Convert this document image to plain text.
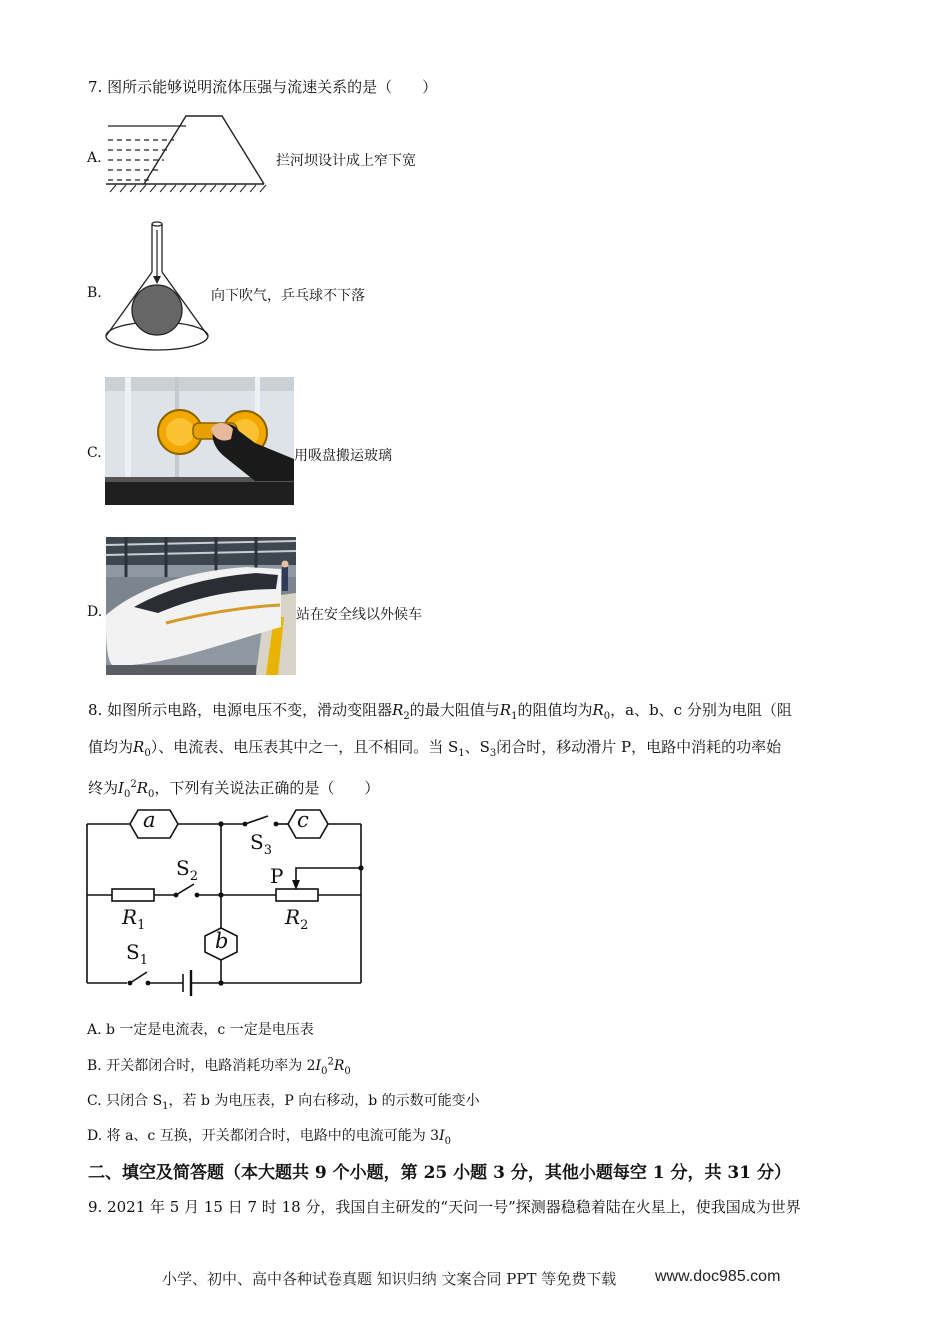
7. 图所示能够说明流体压强与流速关系的是（　　）
A.	拦河坝设计成上窄下宽
B.	向下吹气，乒乓球不下落
C.	用吸盘搬运玻璃
D.	站在安全线以外候车
8. 如图所示电路，电源电压不变，滑动变阻器$R_2$的最大阻值与$R_1$的阻值均为$R_0$，a、b、c 分别为电阻（阻
值均为$R_0$）、电流表、电压表其中之一，且不相同。当 $S_1$、$S_3$闭合时，移动滑片 P，电路中消耗的功率始
终为$I_0^2R_0$，下列有关说法正确的是（　　）
a	c
b
$S_3$
$S_2$
$S_1$
P
$R_1$	$R_2$
A. b 一定是电流表，c 一定是电压表
B. 开关都闭合时，电路消耗功率为 $2I_0^2R_0$
C. 只闭合 $S_1$，若 b 为电压表，P 向右移动，b 的示数可能变小
D. 将 a、c 互换，开关都闭合时，电路中的电流可能为 $3I_0$
二、填空及简答题（本大题共 9 个小题，第 25 小题 3 分，其他小题每空 1 分，共 31 分）
9. 2021 年 5 月 15 日 7 时 18 分，我国自主研发的“天问一号”探测器稳稳着陆在火星上，使我国成为世界
小学、初中、高中各种试卷真题 知识归纳 文案合同 PPT 等免费下载 www.doc985.com
